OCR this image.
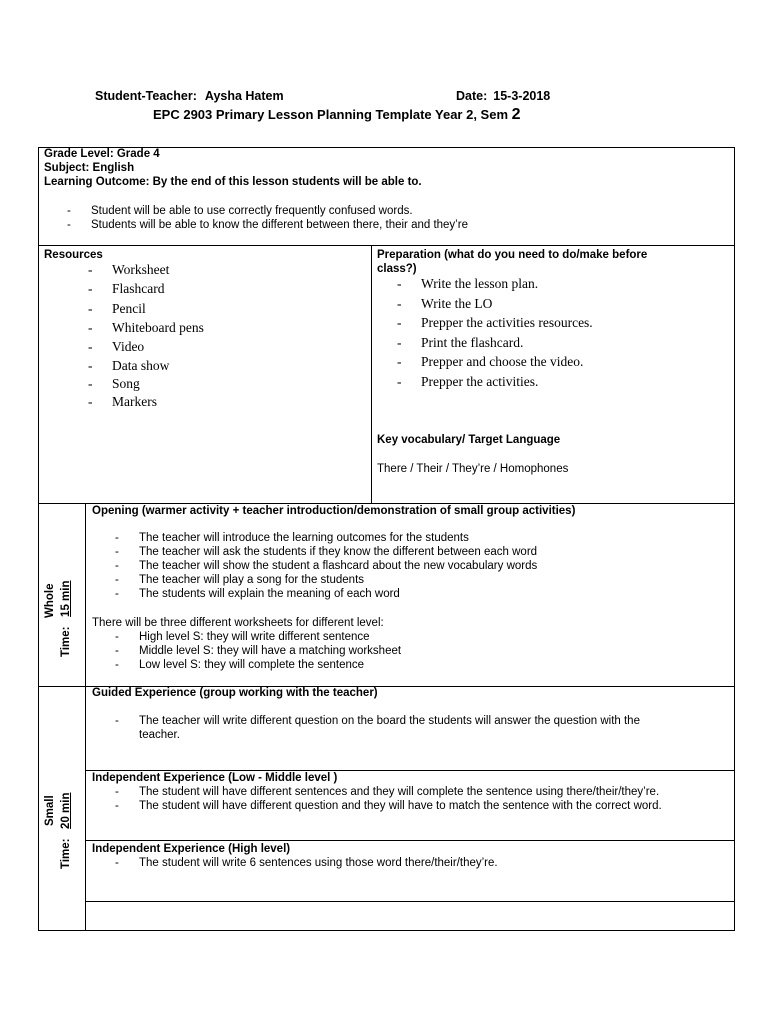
Student-Teacher: Aysha Hatem	Date: 15-3-2018
EPC 2903 Primary Lesson Planning Template Year 2, Sem 2
Grade Level: Grade 4
Subject: English
Learning Outcome: By the end of this lesson students will be able to.
- Student will be able to use correctly frequently confused words.
- Students will be able to know the different between there, their and they’re
Resources
- Worksheet
- Flashcard
- Pencil
- Whiteboard pens
- Video
- Data show
- Song
- Markers
Preparation (what do you need to do/make before
class?)
- Write the lesson plan.
- Write the LO
- Prepper the activities resources.
- Print the flashcard.
- Prepper and choose the video.
- Prepper the activities.
Key vocabulary/ Target Language
There / Their / They’re / Homophones
Whole
Time:   15 min
Opening (warmer activity + teacher introduction/demonstration of small group activities)
- The teacher will introduce the learning outcomes for the students
- The teacher will ask the students if they know the different between each word
- The teacher will show the student a flashcard about the new vocabulary words
- The teacher will play a song for the students
- The students will explain the meaning of each word
There will be three different worksheets for different level:
- High level S: they will write different sentence
- Middle level S: they will have a matching worksheet
- Low level S: they will complete the sentence
Small
Time:   20 min
Guided Experience (group working with the teacher)
- The teacher will write different question on the board the students will answer the question with the
teacher.
Independent Experience (Low - Middle level )
- The student will have different sentences and they will complete the sentence using there/their/they’re.
- The student will have different question and they will have to match the sentence with the correct word.
Independent Experience (High level)
- The student will write 6 sentences using those word there/their/they’re.
